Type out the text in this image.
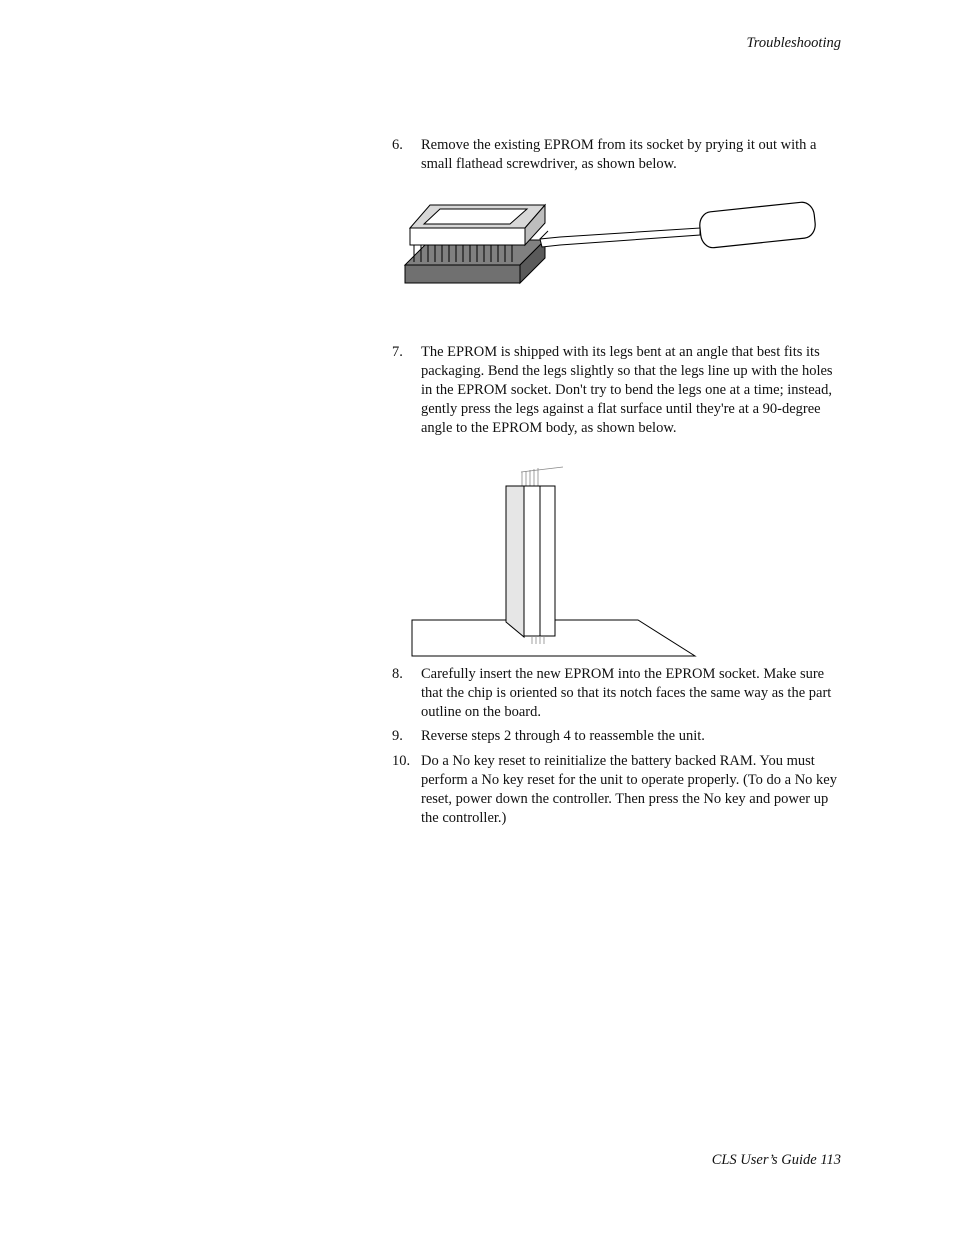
Troubleshooting
6. Remove the existing EPROM from its socket by prying it out with a small flathead screwdriver, as shown below.
7. The EPROM is shipped with its legs bent at an angle that best fits its packaging. Bend the legs slightly so that the legs line up with the holes in the EPROM socket. Don't try to bend the legs one at a time; instead, gently press the legs against a flat surface until they're at a 90-degree angle to the EPROM body, as shown below.
8. Carefully insert the new EPROM into the EPROM socket. Make sure that the chip is oriented so that its notch faces the same way as the part outline on the board.
9. Reverse steps 2 through 4 to reassemble the unit.
10. Do a No key reset to reinitialize the battery backed RAM. You must perform a No key reset for the unit to operate properly. (To do a No key reset, power down the controller. Then press the No key and power up the controller.)
CLS User’s Guide 113
